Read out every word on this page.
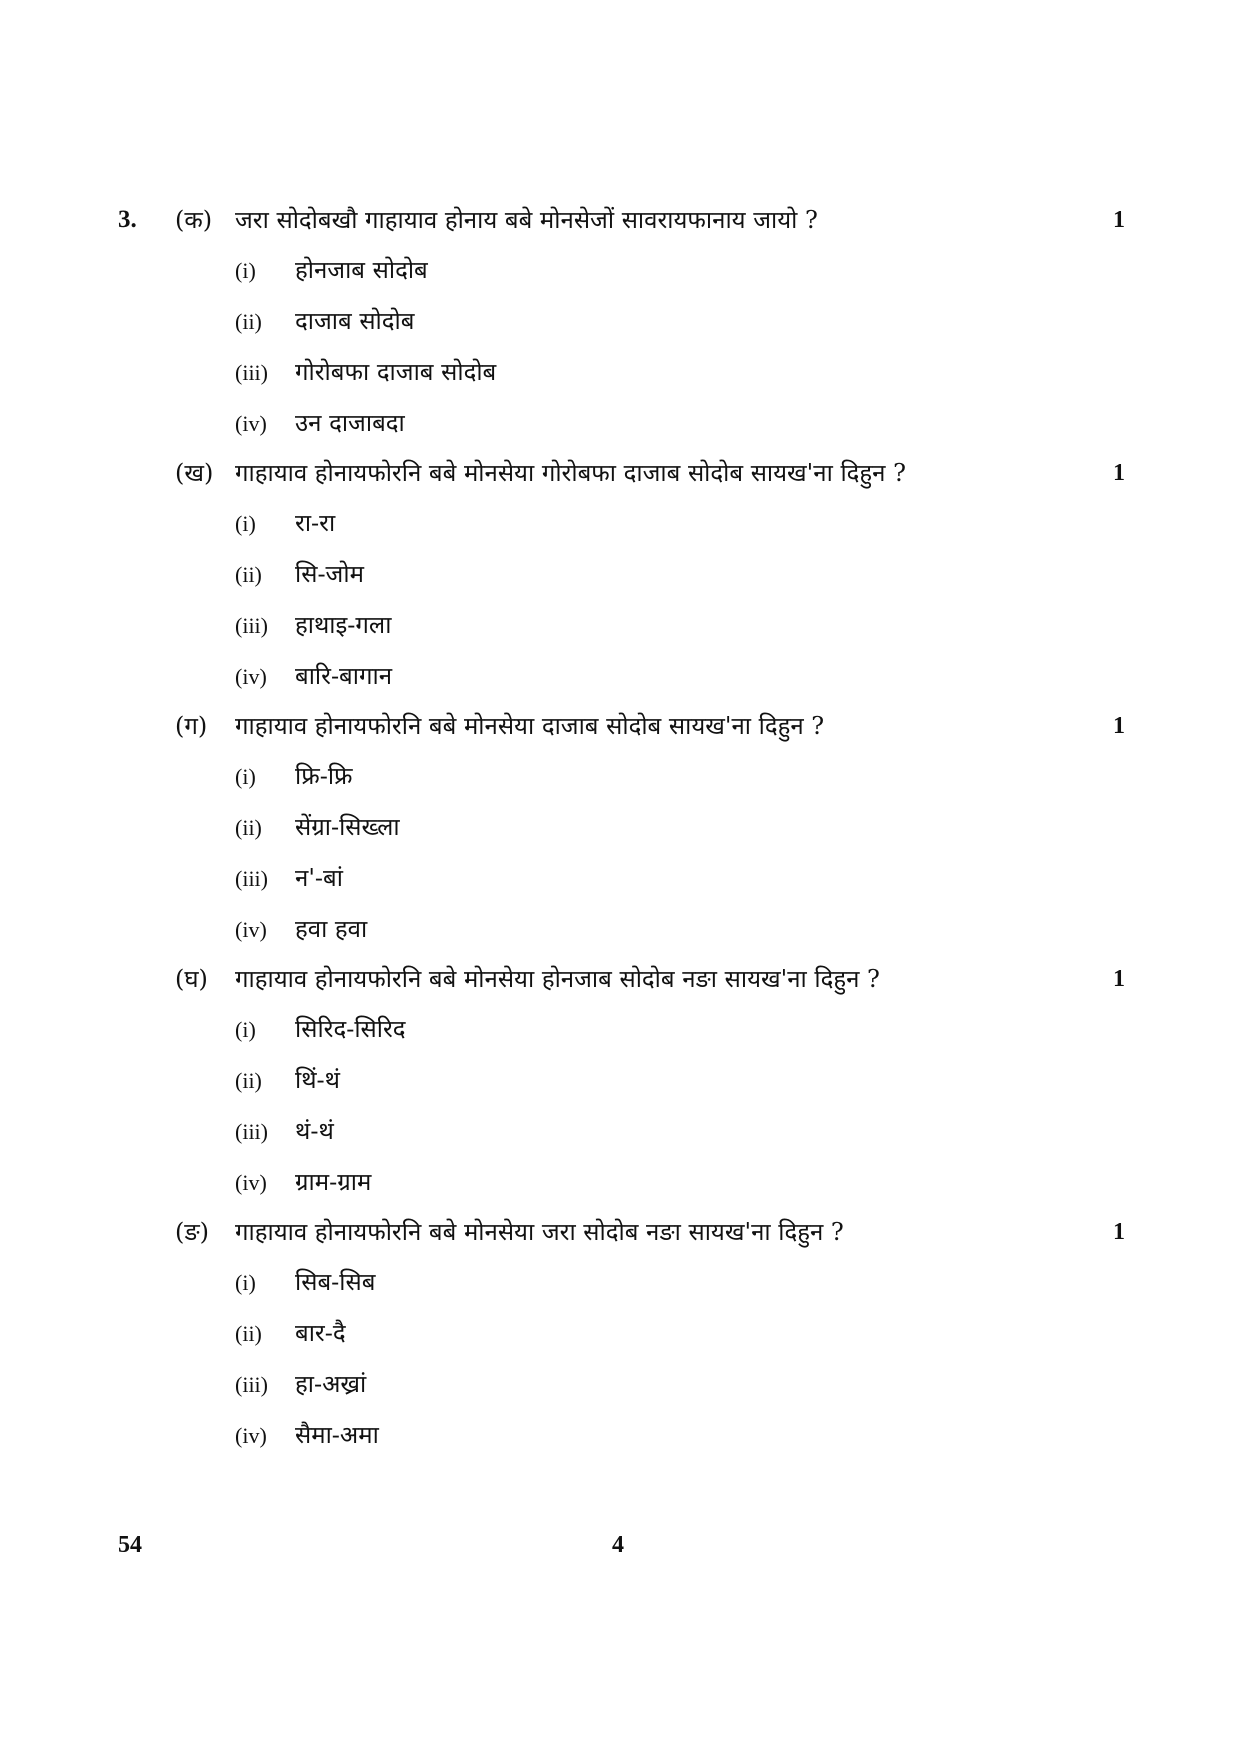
3. (क) जरा सोदोबखौ गाहायाव होनाय बबे मोनसेजों सावरायफानाय जायो ?	1
(i) होनजाब सोदोब
(ii) दाजाब सोदोब
(iii) गोरोबफा दाजाब सोदोब
(iv) उन दाजाबदा
(ख) गाहायाव होनायफोरनि बबे मोनसेया गोरोबफा दाजाब सोदोब सायख'ना दिहुन ?	1
(i) रा-रा
(ii) सि-जोम
(iii) हाथाइ-गला
(iv) बारि-बागान
(ग) गाहायाव होनायफोरनि बबे मोनसेया दाजाब सोदोब सायख'ना दिहुन ?	1
(i) फ्रि-फ्रि
(ii) सेंग्रा-सिख्ला
(iii) न'-बां
(iv) हवा हवा
(घ) गाहायाव होनायफोरनि बबे मोनसेया होनजाब सोदोब नङा सायख'ना दिहुन ?	1
(i) सिरिद-सिरिद
(ii) थिं-थं
(iii) थं-थं
(iv) ग्राम-ग्राम
(ङ) गाहायाव होनायफोरनि बबे मोनसेया जरा सोदोब नङा सायख'ना दिहुन ?	1
(i) सिब-सिब
(ii) बार-दै
(iii) हा-अख्रां
(iv) सैमा-अमा
54	4
